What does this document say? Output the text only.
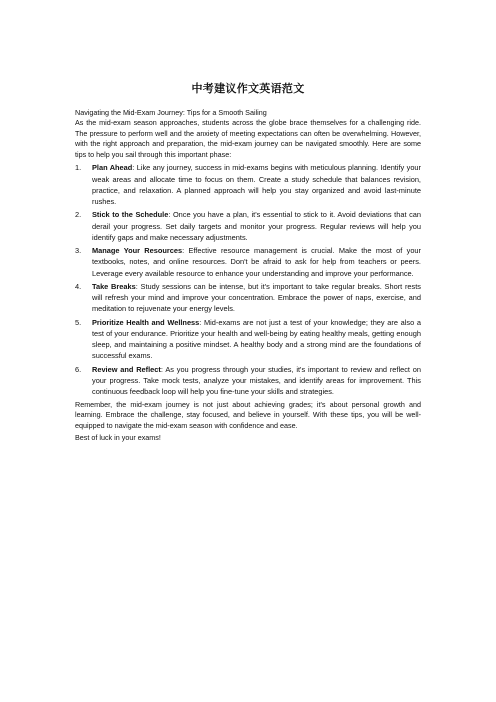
中考建议作文英语范文

Navigating the Mid-Exam Journey: Tips for a Smooth Sailing

As the mid-exam season approaches, students across the globe brace themselves for a challenging ride. The pressure to perform well and the anxiety of meeting expectations can often be overwhelming. However, with the right approach and preparation, the mid-exam journey can be navigated smoothly. Here are some tips to help you sail through this important phase:

1.	Plan Ahead: Like any journey, success in mid-exams begins with meticulous planning. Identify your weak areas and allocate time to focus on them. Create a study schedule that balances revision, practice, and relaxation. A planned approach will help you stay organized and avoid last-minute rushes.
2.	Stick to the Schedule: Once you have a plan, it's essential to stick to it. Avoid deviations that can derail your progress. Set daily targets and monitor your progress. Regular reviews will help you identify gaps and make necessary adjustments.
3.	Manage Your Resources: Effective resource management is crucial. Make the most of your textbooks, notes, and online resources. Don't be afraid to ask for help from teachers or peers. Leverage every available resource to enhance your understanding and improve your performance.
4.	Take Breaks: Study sessions can be intense, but it's important to take regular breaks. Short rests will refresh your mind and improve your concentration. Embrace the power of naps, exercise, and meditation to rejuvenate your energy levels.
5.	Prioritize Health and Wellness: Mid-exams are not just a test of your knowledge; they are also a test of your endurance. Prioritize your health and well-being by eating healthy meals, getting enough sleep, and maintaining a positive mindset. A healthy body and a strong mind are the foundations of successful exams.
6.	Review and Reflect: As you progress through your studies, it's important to review and reflect on your progress. Take mock tests, analyze your mistakes, and identify areas for improvement. This continuous feedback loop will help you fine-tune your skills and strategies.

Remember, the mid-exam journey is not just about achieving grades; it's about personal growth and learning. Embrace the challenge, stay focused, and believe in yourself. With these tips, you will be well-equipped to navigate the mid-exam season with confidence and ease.

Best of luck in your exams!
